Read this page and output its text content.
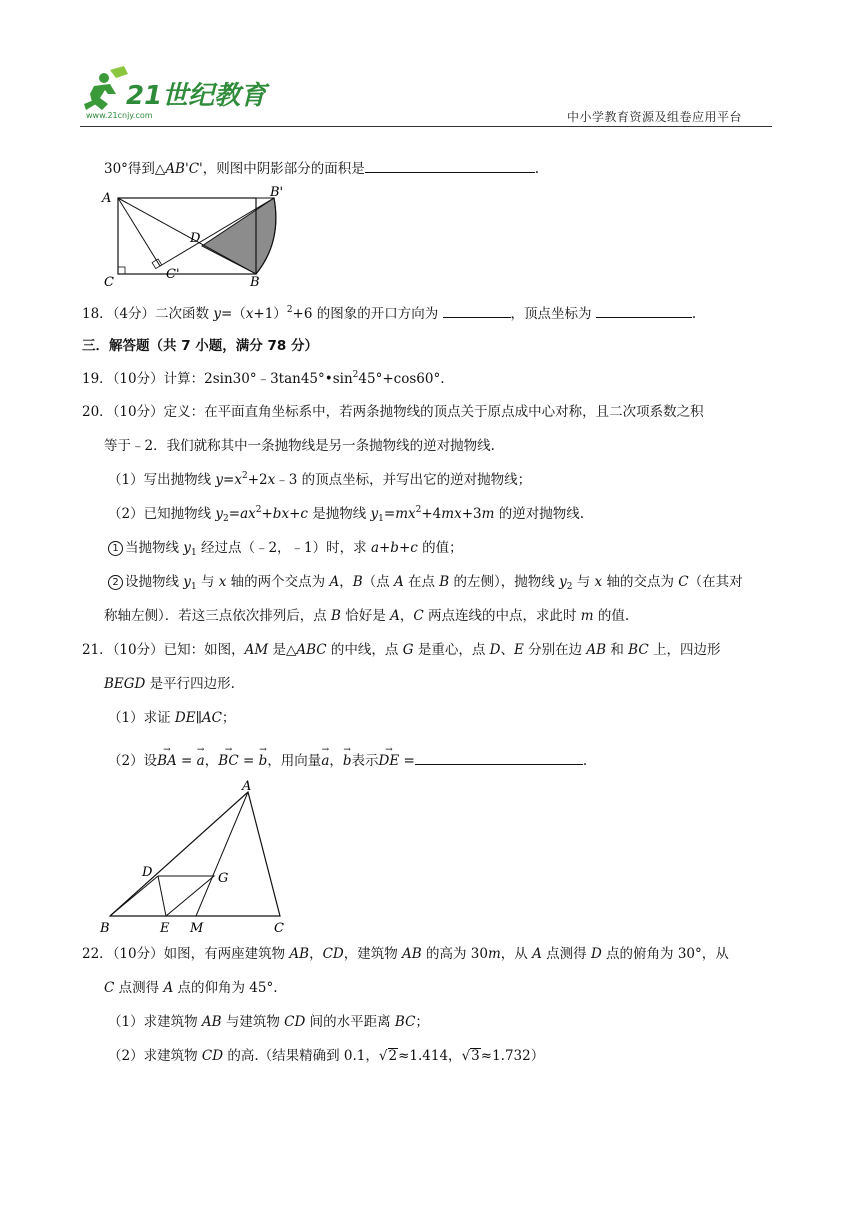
21世纪教育
www.21cnjy.com	中小学教育资源及组卷应用平台
30°得到△AB'C'，则图中阴影部分的面积是	.
A	B'
D
C
C'
B
18．（4分）二次函数 $y=(x+1)^2+6$ 的图象的开口方向为	，顶点坐标为	.
三．解答题（共 7 小题，满分 78 分）
19．（10分）计算：$2\sin 30^\circ﹣3\tan 45^\circ•\sin^245^\circ+\cos 60^\circ$.
20．（10分）定义：在平面直角坐标系中，若两条抛物线的顶点关于原点成中心对称，且二次项系数之积
等于﹣2．我们就称其中一条抛物线是另一条抛物线的逆对抛物线.
（1）写出抛物线 $y=x^2+2x﹣3$ 的顶点坐标，并写出它的逆对抛物线；
（2）已知抛物线 $y_2=ax^2+bx+c$ 是抛物线 $y_1=mx^2+4mx+3m$ 的逆对抛物线.
1 当抛物线 $y_1$ 经过点（﹣2，﹣1）时，求 a+b+c 的值；
2 设抛物线 $y_1$ 与 x 轴的两个交点为 A，B（点 A 在点 B 的左侧），抛物线 $y_2$ 与 x 轴的交点为 C（在其对
称轴左侧）．若这三点依次排列后，点 B 恰好是 A，C 两点连线的中点，求此时 m 的值.
21．（10分）已知：如图，AM 是△ABC 的中线，点 G 是重心，点 D、E 分别在边 AB 和 BC 上，四边形
BEGD 是平行四边形.
（1）求证 DE∥AC；
（2）设→ BA = → a，→ BC = → b，用向量→ a，→ b表示→ DE =	.
A
D	G
B	E M	C
22．（10分）如图，有两座建筑物 AB，CD，建筑物 AB 的高为 30m，从 A 点测得 D 点的俯角为 30°，从
C 点测得 A 点的仰角为 45°.
（1）求建筑物 AB 与建筑物 CD 间的水平距离 BC；
（2）求建筑物 CD 的高.（结果精确到 0.1，√2≈1.414，√3≈1.732）
